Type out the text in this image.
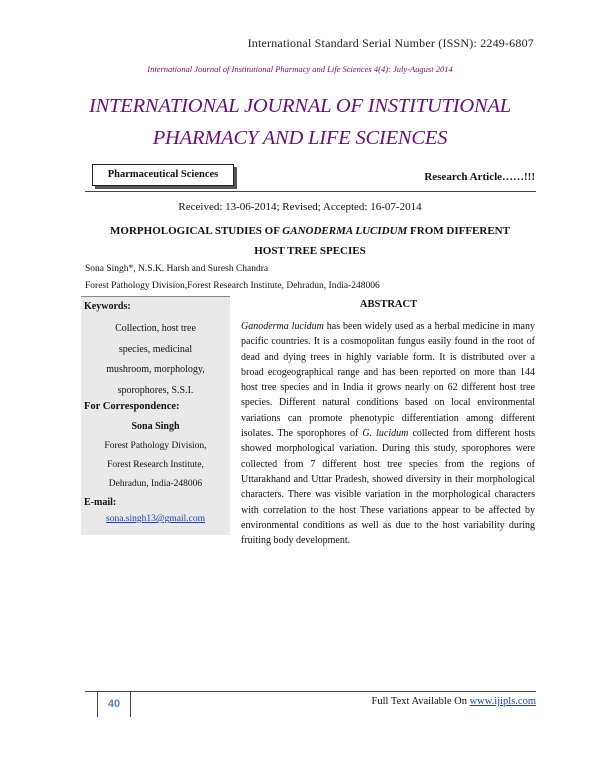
International Standard Serial Number (ISSN): 2249-6807
International Journal of Institutional Pharmacy and Life Sciences 4(4): July-August 2014
INTERNATIONAL JOURNAL OF INSTITUTIONAL
PHARMACY AND LIFE SCIENCES
Pharmaceutical Sciences	Research Article……!!!
Received: 13-06-2014; Revised; Accepted: 16-07-2014
MORPHOLOGICAL STUDIES OF GANODERMA LUCIDUM FROM DIFFERENT
HOST TREE SPECIES
Sona Singh*, N.S.K. Harsh and Suresh Chandra
Forest Pathology Division,Forest Research Institute, Dehradun, India-248006
Keywords:
Collection, host tree
species, medicinal
mushroom, morphology,
sporophores, S.S.I.
For Correspondence:
Sona Singh
Forest Pathology Division,
Forest Research Institute,
Dehradun, India-248006
E-mail:
sona.singh13@gmail.com
ABSTRACT
Ganoderma lucidum has been widely used as a herbal medicine in many pacific countries. It is a cosmopolitan fungus easily found in the root of dead and dying trees in highly variable form. It is distributed over a broad ecogeographical range and has been reported on more than 144 host tree species and in India it grows nearly on 62 different host tree species. Different natural conditions based on local environmental variations can promote phenotypic differentiation among different isolates. The sporophores of G. lucidum collected from different hosts showed morphological variation. During this study, sporophores were collected from 7 different host tree species from the regions of Uttarakhand and Uttar Pradesh, showed diversity in their morphological characters. There was visible variation in the morphological characters with correlation to the host These variations appear to be affected by environmental conditions as well as due to the host variability during fruiting body development.
40	Full Text Available On www.ijipls.com
